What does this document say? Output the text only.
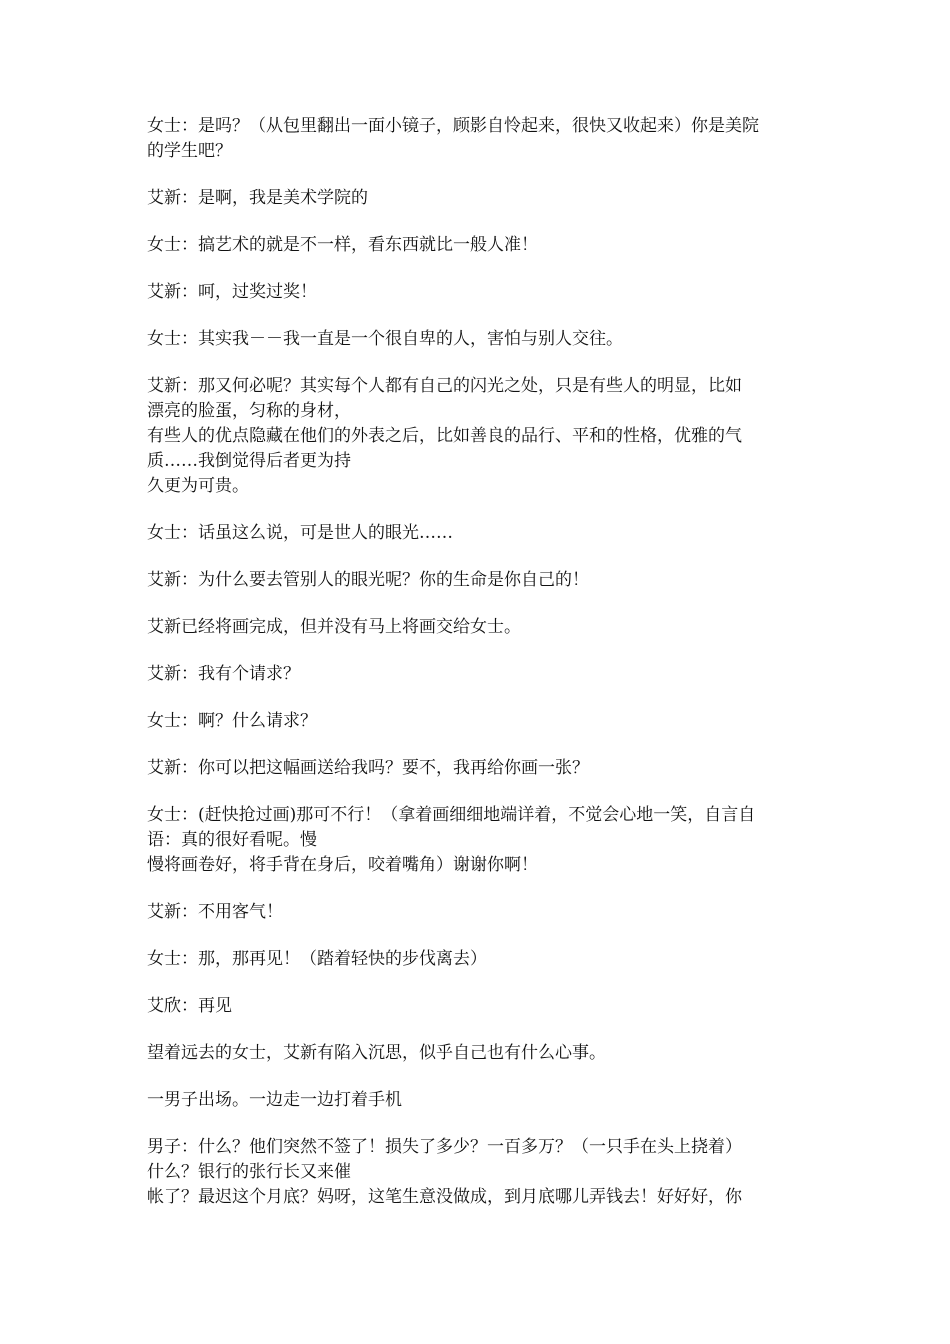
女士：是吗？（从包里翻出一面小镜子，顾影自怜起来，很快又收起来）你是美院
的学生吧？
艾新：是啊，我是美术学院的
女士：搞艺术的就是不一样，看东西就比一般人准！
艾新：呵，过奖过奖！
女士：其实我－－我一直是一个很自卑的人，害怕与别人交往。
艾新：那又何必呢？其实每个人都有自己的闪光之处，只是有些人的明显，比如
漂亮的脸蛋，匀称的身材，
有些人的优点隐藏在他们的外表之后，比如善良的品行、平和的性格，优雅的气
质……我倒觉得后者更为持
久更为可贵。
女士：话虽这么说，可是世人的眼光……
艾新：为什么要去管别人的眼光呢？你的生命是你自己的！
艾新已经将画完成，但并没有马上将画交给女士。
艾新：我有个请求？
女士：啊？什么请求？
艾新：你可以把这幅画送给我吗？要不，我再给你画一张？
女士：(赶快抢过画)那可不行！（拿着画细细地端详着，不觉会心地一笑，自言自
语：真的很好看呢。慢
慢将画卷好，将手背在身后，咬着嘴角）谢谢你啊！
艾新：不用客气！
女士：那，那再见！（踏着轻快的步伐离去）
艾欣：再见
望着远去的女士，艾新有陷入沉思，似乎自己也有什么心事。
一男子出场。一边走一边打着手机
男子：什么？他们突然不签了！损失了多少？一百多万？（一只手在头上挠着）
什么？银行的张行长又来催
帐了？最迟这个月底？妈呀，这笔生意没做成，到月底哪儿弄钱去！好好好，你
